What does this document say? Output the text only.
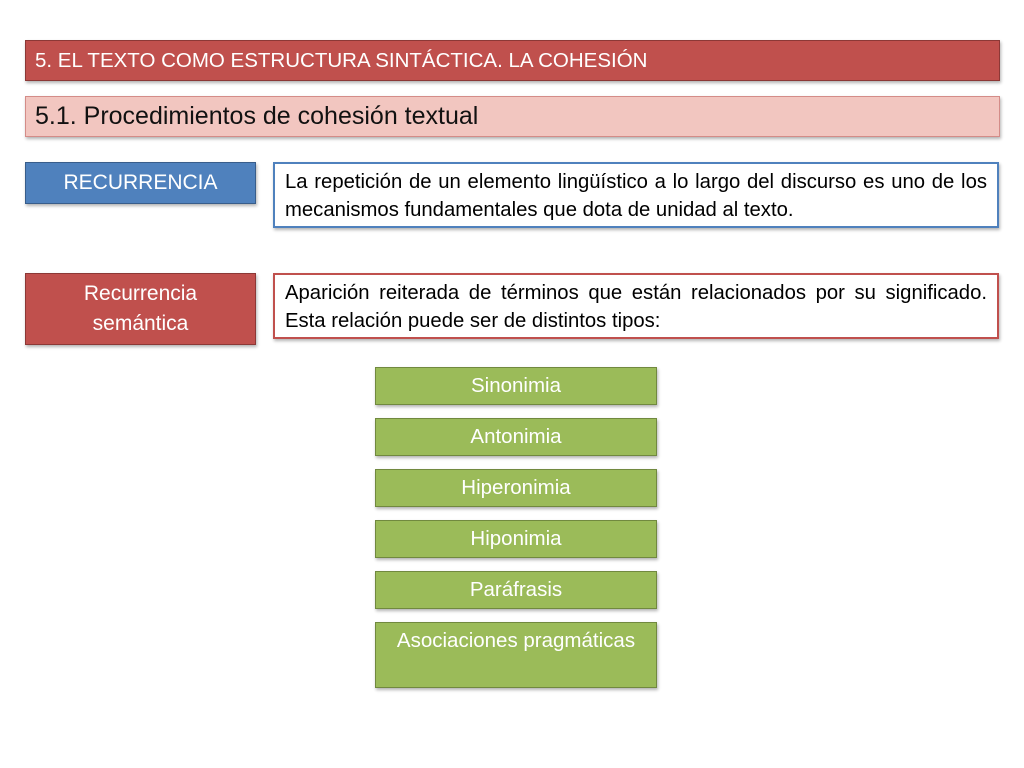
5. EL TEXTO COMO ESTRUCTURA SINTÁCTICA. LA COHESIÓN
5.1. Procedimientos de cohesión textual
RECURRENCIA	La repetición de un elemento lingüístico a lo largo del discurso es uno de los mecanismos fundamentales que dota de unidad al texto.
Recurrencia semántica
Aparición reiterada de términos que están relacionados por su significado. Esta relación puede ser de distintos tipos:
Sinonimia
Antonimia
Hiperonimia
Hiponimia
Paráfrasis
Asociaciones pragmáticas
